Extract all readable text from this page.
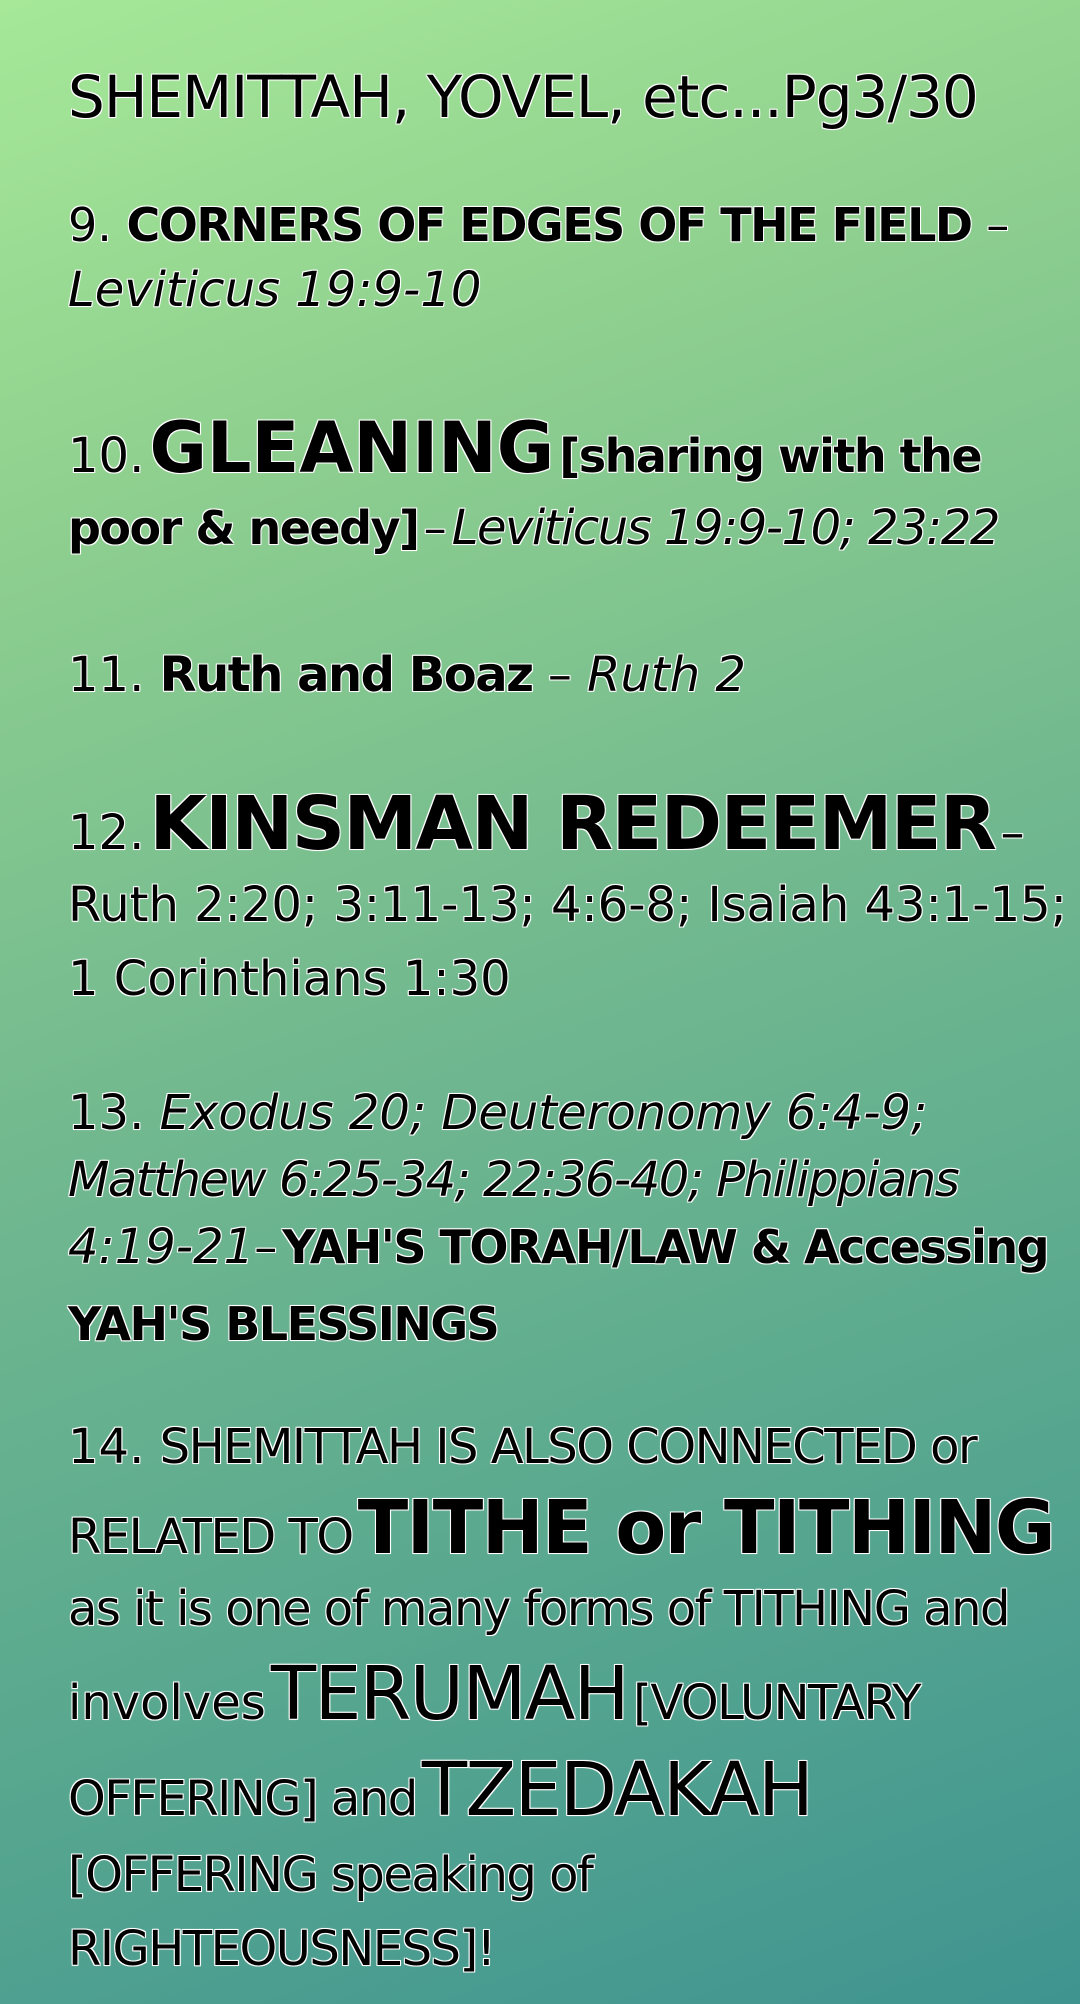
SHEMITTAH, YOVEL, etc...Pg3/30
9. CORNERS OF EDGES OF THE FIELD –
Leviticus 19:9-10
10. GLEANING [sharing with the
poor & needy] – Leviticus 19:9-10; 23:22
11. Ruth and Boaz – Ruth 2
12. KINSMAN REDEEMER –
Ruth 2:20; 3:11-13; 4:6-8; Isaiah 43:1-15;
1 Corinthians 1:30
13. Exodus 20; Deuteronomy 6:4-9;
Matthew 6:25-34; 22:36-40; Philippians
4:19-21– YAH'S TORAH/LAW & Accessing
YAH'S BLESSINGS
14. SHEMITTAH IS ALSO CONNECTED or
RELATED TO TITHE or TITHING
as it is one of many forms of TITHING and
involves TERUMAH [VOLUNTARY
OFFERING] and TZEDAKAH
[OFFERING speaking of
RIGHTEOUSNESS]!
